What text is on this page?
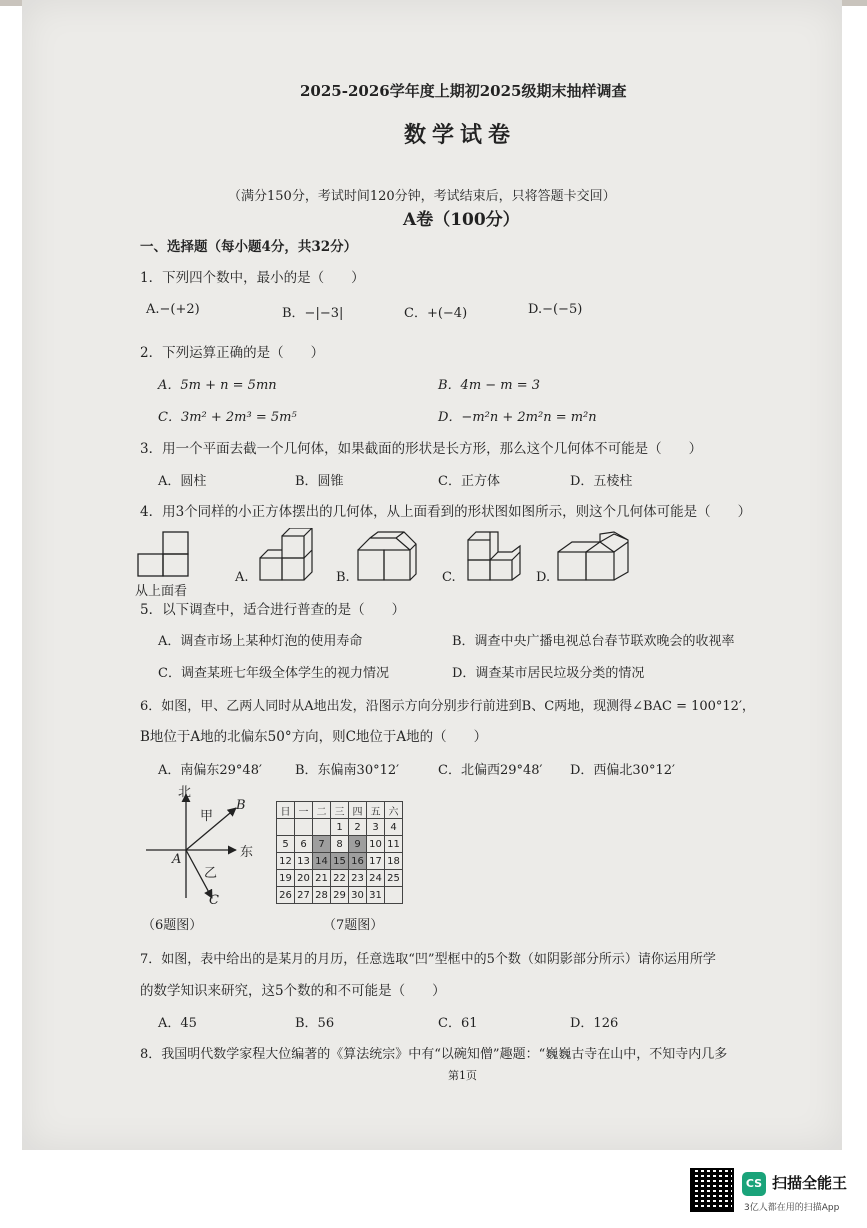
2025-2026学年度上期初2025级期末抽样调查
数学试卷
（满分150分，考试时间120分钟，考试结束后，只将答题卡交回）
A卷（100分）
一、选择题（每小题4分，共32分）
1．下列四个数中，最小的是（　　）
A.−(+2)	B．−|−3|	C．+(−4)	D.−(−5)
2．下列运算正确的是（　　）
A．5m + n = 5mn	B．4m − m = 3
C．3m² + 2m³ = 5m⁵	D．−m²n + 2m²n = m²n
3．用一个平面去截一个几何体，如果截面的形状是长方形，那么这个几何体不可能是（　　）
A．圆柱	B．圆锥	C．正方体	D．五棱柱
4．用3个同样的小正方体摆出的几何体，从上面看到的形状图如图所示，则这个几何体可能是（　　）
从上面看
A.	B.	C.	D.
5．以下调查中，适合进行普查的是（　　）
A．调查市场上某种灯泡的使用寿命	B．调查中央广播电视总台春节联欢晚会的收视率
C．调查某班七年级全体学生的视力情况	D．调查某市居民垃圾分类的情况
6．如图，甲、乙两人同时从A地出发，沿图示方向分别步行前进到B、C两地，现测得∠BAC = 100°12′，
B地位于A地的北偏东50°方向，则C地位于A地的（　　）
A．南偏东29°48′	B．东偏南30°12′	C．北偏西29°48′ D．西偏北30°12′
北
东
甲
乙
A
B
C
（6题图）
日	一	二	三	四	五	六
			1	2	3	4
5	6	7	8	9	10	11
12	13	14	15	16	17	18
19	20	21	22	23	24	25
26	27	28	29	30	31	
（7题图）
7．如图，表中给出的是某月的月历，任意选取“凹”型框中的5个数（如阴影部分所示）请你运用所学
的数学知识来研究，这5个数的和不可能是（　　）
A．45	B．56	C．61	D．126
8．我国明代数学家程大位编著的《算法统宗》中有“以碗知僧”趣题：“巍巍古寺在山中，不知寺内几多
第1页
CS 扫描全能王
3亿人都在用的扫描App
